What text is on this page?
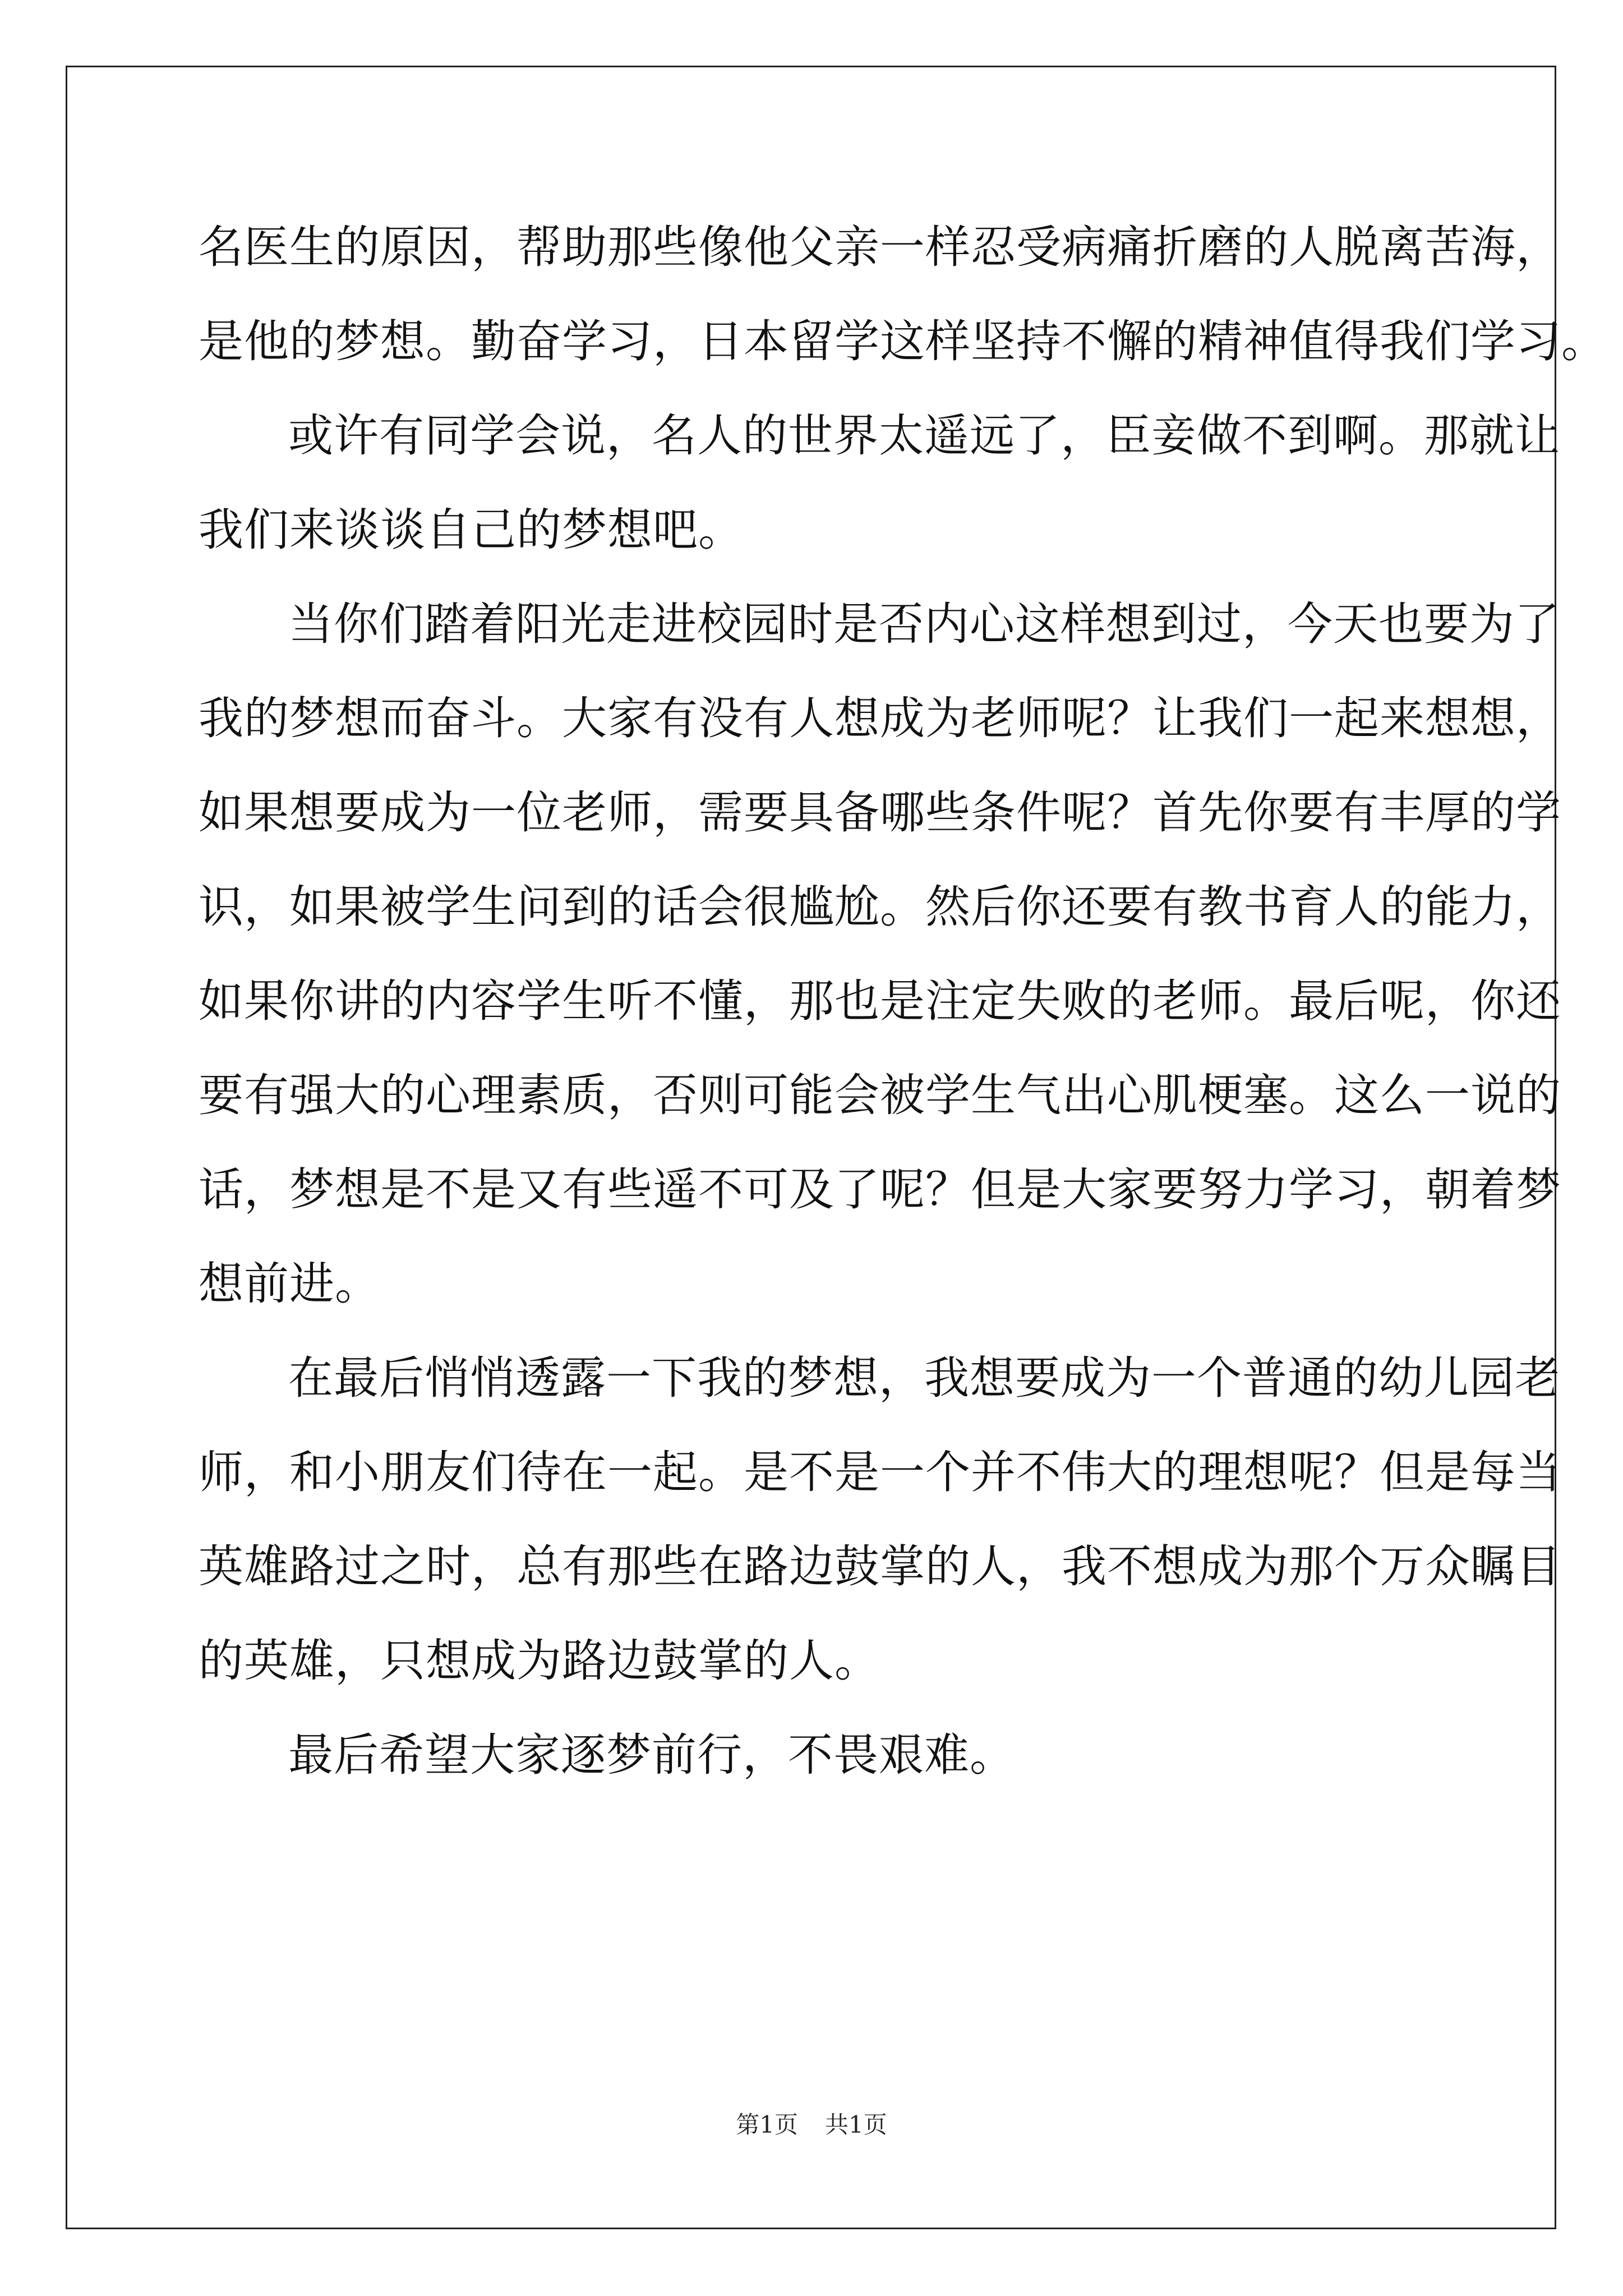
名医生的原因，帮助那些像他父亲一样忍受病痛折磨的人脱离苦海，
是他的梦想。勤奋学习，日本留学这样坚持不懈的精神值得我们学习。
或许有同学会说，名人的世界太遥远了，臣妾做不到啊。那就让
我们来谈谈自己的梦想吧。
当你们踏着阳光走进校园时是否内心这样想到过，今天也要为了
我的梦想而奋斗。大家有没有人想成为老师呢？让我们一起来想想，
如果想要成为一位老师，需要具备哪些条件呢？首先你要有丰厚的学
识，如果被学生问到的话会很尴尬。然后你还要有教书育人的能力，
如果你讲的内容学生听不懂，那也是注定失败的老师。最后呢，你还
要有强大的心理素质，否则可能会被学生气出心肌梗塞。这么一说的
话，梦想是不是又有些遥不可及了呢？但是大家要努力学习，朝着梦
想前进。
在最后悄悄透露一下我的梦想，我想要成为一个普通的幼儿园老
师，和小朋友们待在一起。是不是一个并不伟大的理想呢？但是每当
英雄路过之时，总有那些在路边鼓掌的人，我不想成为那个万众瞩目
的英雄，只想成为路边鼓掌的人。
最后希望大家逐梦前行，不畏艰难。
第1页 共1页
